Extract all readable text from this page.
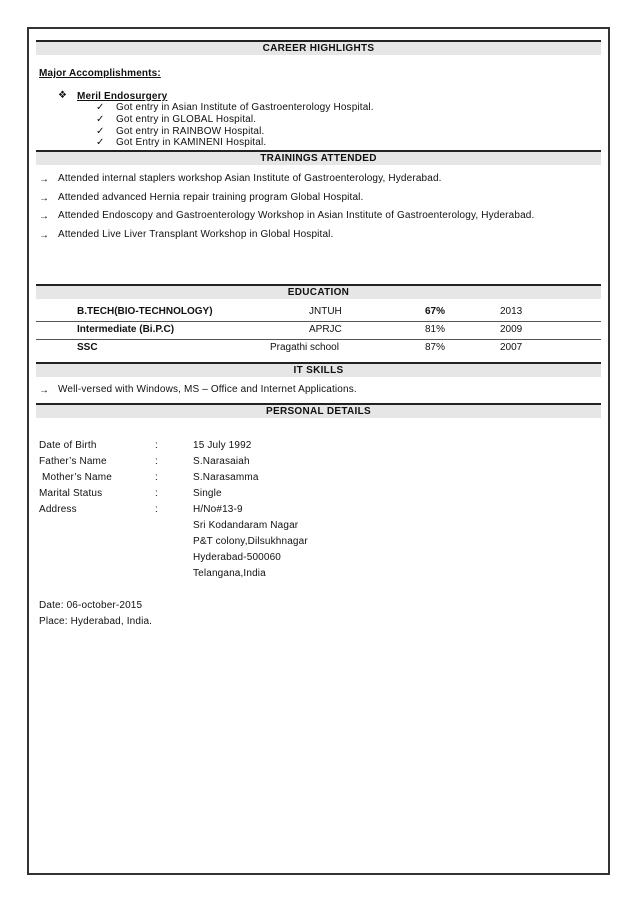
CAREER HIGHLIGHTS
Major Accomplishments:
❖ Meril Endosurgery
✓ Got entry in Asian Institute of Gastroenterology Hospital.
✓ Got entry in GLOBAL Hospital.
✓ Got entry in RAINBOW Hospital.
✓ Got Entry in KAMINENI Hospital.
TRAININGS ATTENDED
→ Attended internal staplers workshop Asian Institute of Gastroenterology, Hyderabad.
→ Attended advanced Hernia repair training program Global Hospital.
→ Attended Endoscopy and Gastroenterology Workshop in Asian Institute of Gastroenterology, Hyderabad.
→ Attended Live Liver Transplant Workshop in Global Hospital.
EDUCATION
B.TECH(BIO-TECHNOLOGY)	JNTUH	67%	2013
Intermediate (Bi.P.C)	APRJC	81%	2009
SSC	Pragathi school	87%	2007
IT SKILLS
→ Well-versed with Windows, MS – Office and Internet Applications.
PERSONAL DETAILS
Date of Birth	:	15 July 1992
Father’s Name	:	S.Narasaiah
Mother’s Name	:	S.Narasamma
Marital Status	:	Single
Address	:	H/No#13-9
Sri Kodandaram Nagar
P&T colony,Dilsukhnagar
Hyderabad-500060
Telangana,India
Date: 06-october-2015
Place: Hyderabad, India.
